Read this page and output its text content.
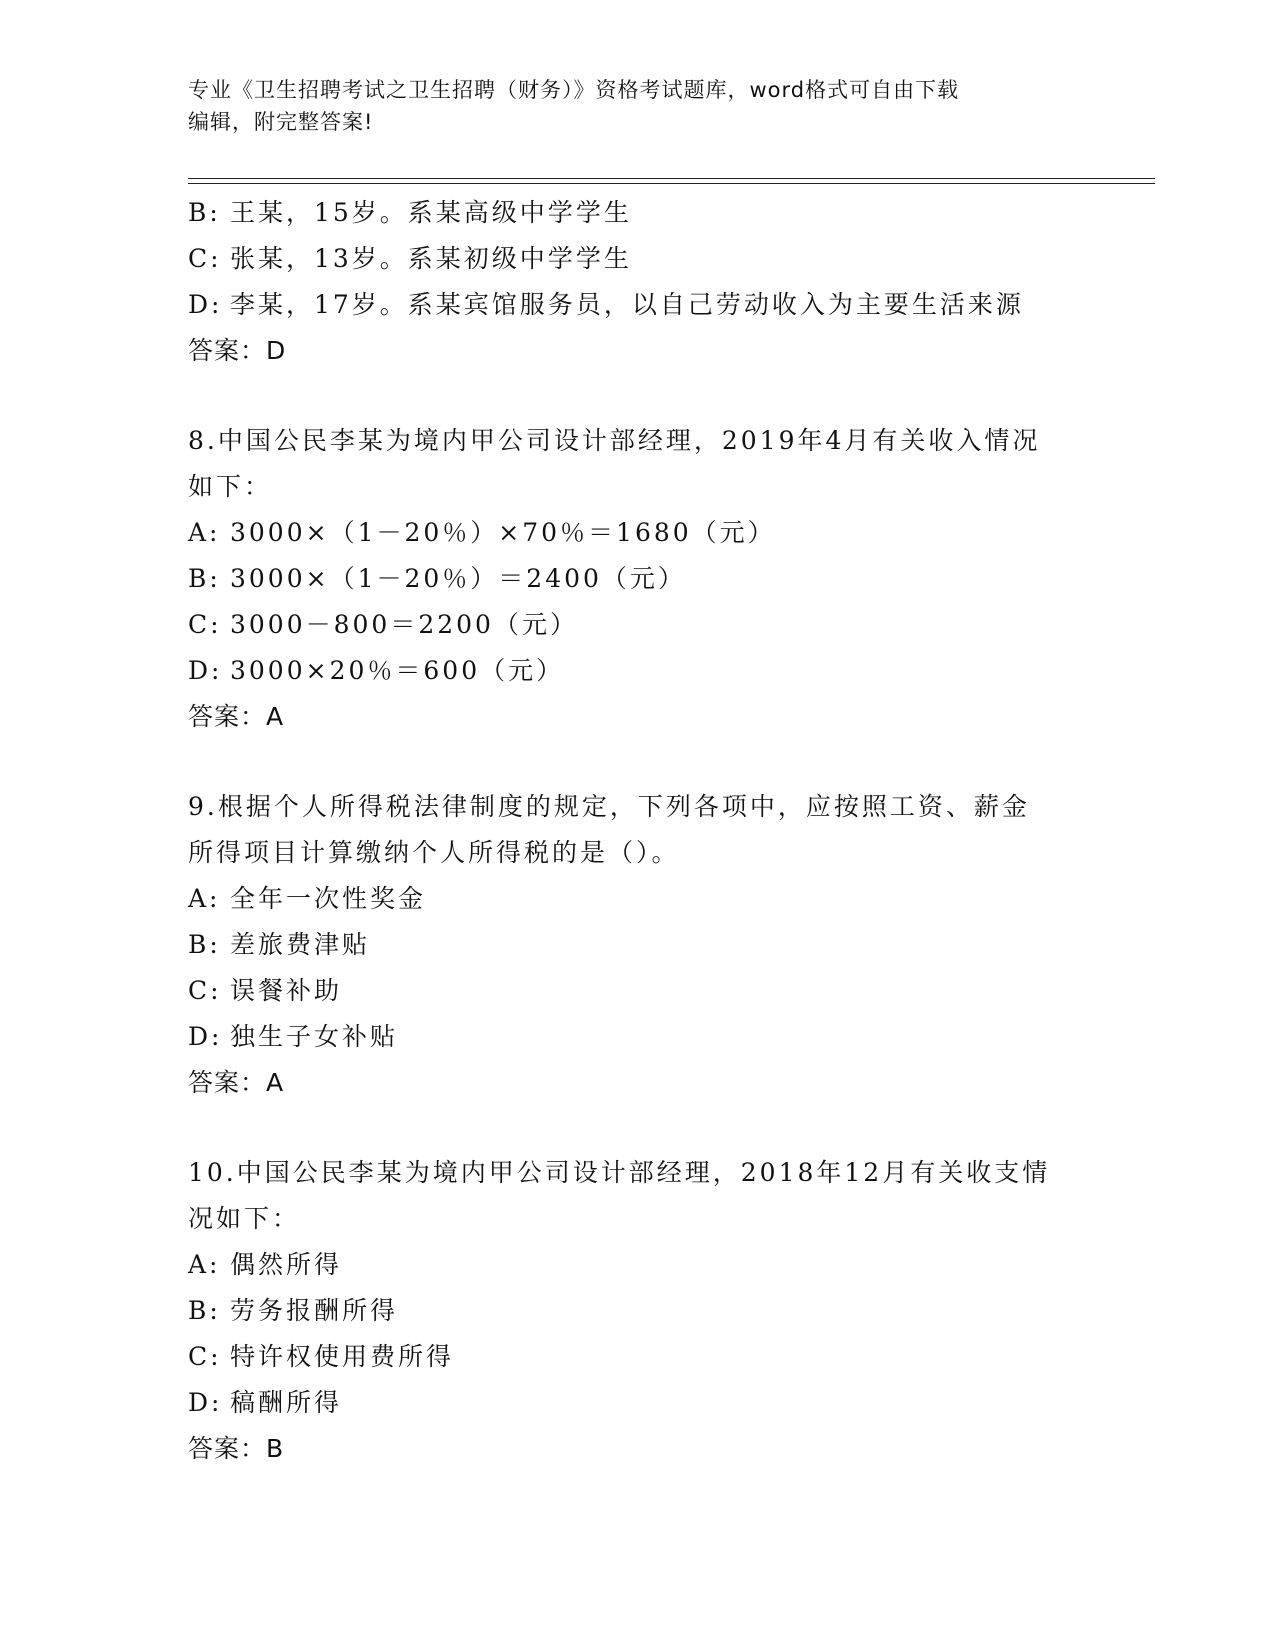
专业《卫生招聘考试之卫生招聘（财务）》资格考试题库，word格式可自由下载
编辑，附完整答案!
B: 王某，15岁。系某高级中学学生
C: 张某，13岁。系某初级中学学生
D: 李某，17岁。系某宾馆服务员，以自己劳动收入为主要生活来源
答案：D
8.中国公民李某为境内甲公司设计部经理，2019年4月有关收入情况
如下：
A: 3000×（1－20％）×70％＝1680（元）
B: 3000×（1－20％）＝2400（元）
C: 3000－800＝2200（元）
D: 3000×20％＝600（元）
答案：A
9.根据个人所得税法律制度的规定，下列各项中，应按照工资、薪金
所得项目计算缴纳个人所得税的是（）。
A: 全年一次性奖金
B: 差旅费津贴
C: 误餐补助
D: 独生子女补贴
答案：A
10.中国公民李某为境内甲公司设计部经理，2018年12月有关收支情
况如下：
A: 偶然所得
B: 劳务报酬所得
C: 特许权使用费所得
D: 稿酬所得
答案：B
